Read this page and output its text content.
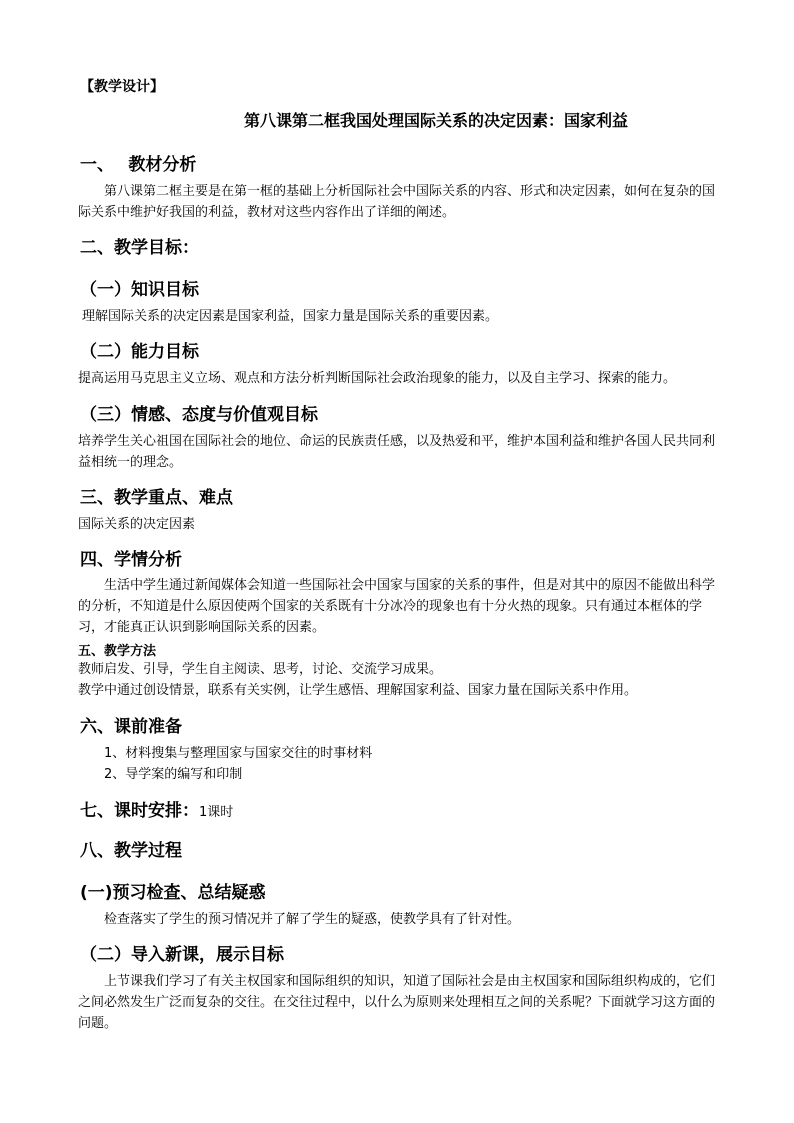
【教学设计】
第八课第二框我国处理国际关系的决定因素：国家利益
一、　 教材分析

第八课第二框主要是在第一框的基础上分析国际社会中国际关系的内容、形式和决定因素，如何在复杂的国际关系中维护好我国的利益，教材对这些内容作出了详细的阐述。

二、教学目标：
（一）知识目标
理解国际关系的决定因素是国家利益，国家力量是国际关系的重要因素。
（二）能力目标
提高运用马克思主义立场、观点和方法分析判断国际社会政治现象的能力，以及自主学习、探索的能力。
（三）情感、态度与价值观目标

培养学生关心祖国在国际社会的地位、命运的民族责任感，以及热爱和平，维护本国利益和维护各国人民共同利益相统一的理念。

三、教学重点、难点
国际关系的决定因素
四、学情分析

生活中学生通过新闻媒体会知道一些国际社会中国家与国家的关系的事件，但是对其中的原因不能做出科学的分析，不知道是什么原因使两个国家的关系既有十分冰冷的现象也有十分火热的现象。只有通过本框体的学习，才能真正认识到影响国际关系的因素。

五、教学方法
教师启发、引导，学生自主阅读、思考，讨论、交流学习成果。
教学中通过创设情景，联系有关实例，让学生感悟、理解国家利益、国家力量在国际关系中作用。
六、课前准备
1、材料搜集与整理国家与国家交往的时事材料
2、导学案的编写和印制
七、课时安排：1课时
八、教学过程
(一)预习检查、总结疑惑
检查落实了学生的预习情况并了解了学生的疑惑，使教学具有了针对性。
（二）导入新课，展示目标

上节课我们学习了有关主权国家和国际组织的知识，知道了国际社会是由主权国家和国际组织构成的，它们之间必然发生广泛而复杂的交往。在交往过程中，以什么为原则来处理相互之间的关系呢？下面就学习这方面的问题。
